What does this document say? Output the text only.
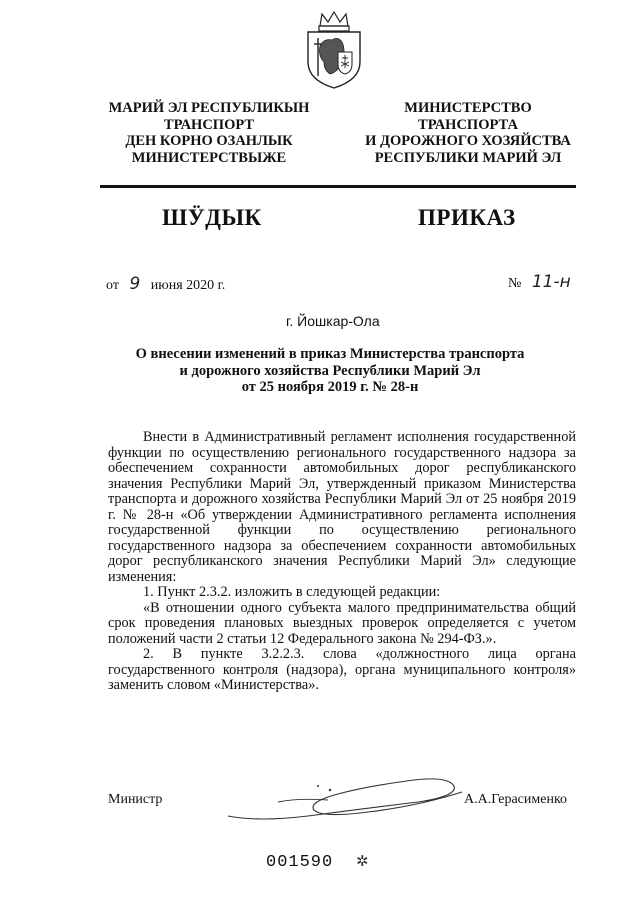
МАРИЙ ЭЛ РЕСПУБЛИКЫН
ТРАНСПОРТ
ДЕН КОРНО ОЗАНЛЫК
МИНИСТЕРСТВЫЖЕ
МИНИСТЕРСТВО
ТРАНСПОРТА
И ДОРОЖНОГО ХОЗЯЙСТВА
РЕСПУБЛИКИ МАРИЙ ЭЛ
ШӰДЫК	ПРИКАЗ
от 9 июня 2020 г.	№ 11-н
г. Йошкар-Ола
О внесении изменений в приказ Министерства транспорта
и дорожного хозяйства Республики Марий Эл
от 25 ноября 2019 г. № 28-н

Внести в Административный регламент исполнения государственной функции по осуществлению регионального государственного надзора за обеспечением сохранности автомобильных дорог республиканского значения Республики Марий Эл, утвержденный приказом Министерства транспорта и дорожного хозяйства Республики Марий Эл от 25 ноября 2019 г. № 28-н «Об утверждении Административного регламента исполнения государственной функции по осуществлению регионального государственного надзора за обеспечением сохранности автомобильных дорог республиканского значения Республики Марий Эл» следующие изменения:

1. Пункт 2.3.2. изложить в следующей редакции:

«В отношении одного субъекта малого предпринимательства общий срок проведения плановых выездных проверок определяется с учетом положений части 2 статьи 12 Федерального закона № 294-ФЗ.».

2. В пункте 3.2.2.3. слова «должностного лица органа государственного контроля (надзора), органа муниципального контроля» заменить словом «Министерства».

Министр	А.А.Герасименко
001590 ✲
